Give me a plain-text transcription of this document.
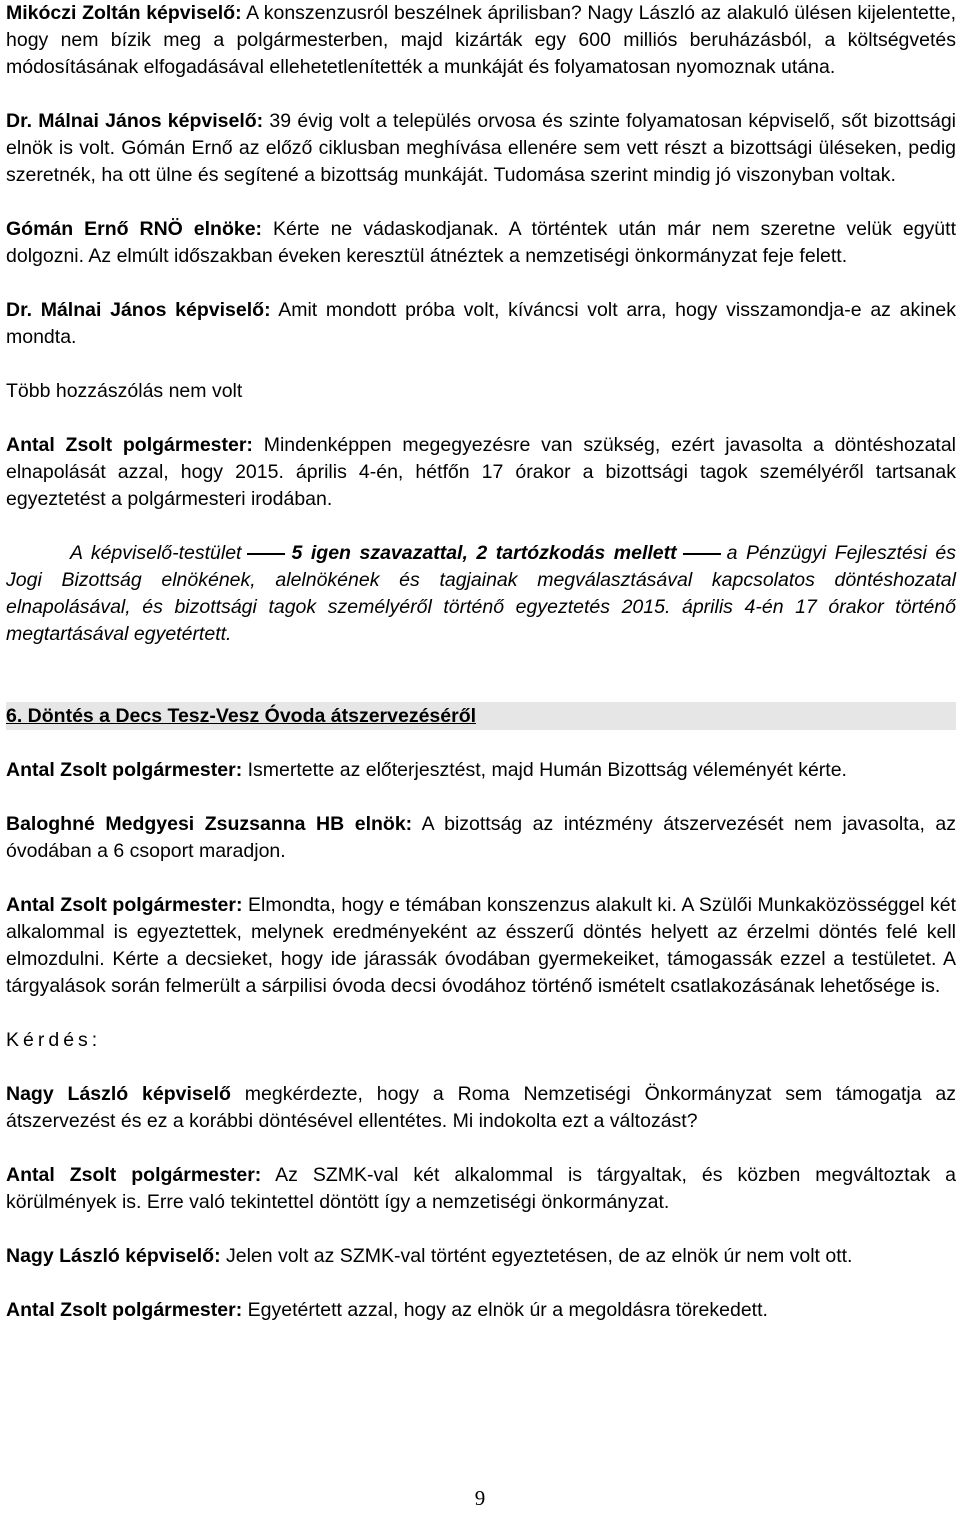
Mikóczi Zoltán képviselő: A konszenzusról beszélnek áprilisban? Nagy László az alakuló ülésen kijelentette, hogy nem bízik meg a polgármesterben, majd kizárták egy 600 milliós beruházásból, a költségvetés módosításának elfogadásával ellehetetlenítették a munkáját és folyamatosan nyomoznak utána.

Dr. Málnai János képviselő: 39 évig volt a település orvosa és szinte folyamatosan képviselő, sőt bizottsági elnök is volt. Gómán Ernő az előző ciklusban meghívása ellenére sem vett részt a bizottsági üléseken, pedig szeretnék, ha ott ülne és segítené a bizottság munkáját. Tudomása szerint mindig jó viszonyban voltak.

Gómán Ernő RNÖ elnöke: Kérte ne vádaskodjanak. A történtek után már nem szeretne velük együtt dolgozni. Az elmúlt időszakban éveken keresztül átnéztek a nemzetiségi önkormányzat feje felett.

Dr. Málnai János képviselő: Amit mondott próba volt, kíváncsi volt arra, hogy visszamondja-e az akinek mondta.

Több hozzászólás nem volt

Antal Zsolt polgármester: Mindenképpen megegyezésre van szükség, ezért javasolta a döntéshozatal elnapolását azzal, hogy 2015. április 4-én, hétfőn 17 órakor a bizottsági tagok személyéről tartsanak egyeztetést a polgármesteri irodában.

A képviselő-testület	5 igen szavazattal, 2 tartózkodás mellett	a Pénzügyi Fejlesztési és Jogi Bizottság elnökének, alelnökének és tagjainak megválasztásával kapcsolatos döntéshozatal elnapolásával, és bizottsági tagok személyéről történő egyeztetés 2015. április 4-én 17 órakor történő megtartásával egyetértett.

6. Döntés a Decs Tesz-Vesz Óvoda átszervezéséről

Antal Zsolt polgármester: Ismertette az előterjesztést, majd Humán Bizottság véleményét kérte.

Baloghné Medgyesi Zsuzsanna HB elnök: A bizottság az intézmény átszervezését nem javasolta, az óvodában a 6 csoport maradjon.

Antal Zsolt polgármester: Elmondta, hogy e témában konszenzus alakult ki. A Szülői Munkaközösséggel két alkalommal is egyeztettek, melynek eredményeként az ésszerű döntés helyett az érzelmi döntés felé kell elmozdulni. Kérte a decsieket, hogy ide járassák óvodában gyermekeiket, támogassák ezzel a testületet. A tárgyalások során felmerült a sárpilisi óvoda decsi óvodához történő ismételt csatlakozásának lehetősége is.

Kérdés:

Nagy László képviselő megkérdezte, hogy a Roma Nemzetiségi Önkormányzat sem támogatja az átszervezést és ez a korábbi döntésével ellentétes. Mi indokolta ezt a változást?

Antal Zsolt polgármester: Az SZMK-val két alkalommal is tárgyaltak, és közben megváltoztak a körülmények is. Erre való tekintettel döntött így a nemzetiségi önkormányzat.

Nagy László képviselő: Jelen volt az SZMK-val történt egyeztetésen, de az elnök úr nem volt ott.

Antal Zsolt polgármester: Egyetértett azzal, hogy az elnök úr a megoldásra törekedett.

9
